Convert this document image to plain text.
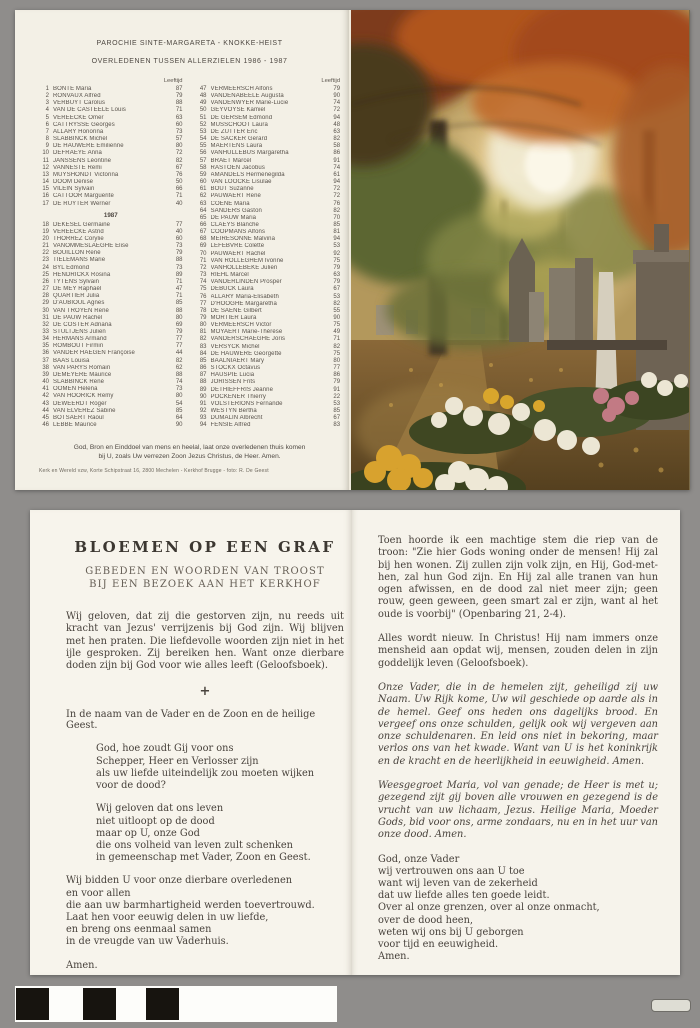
PAROCHIE SINTE-MARGARETA - KNOKKE-HEIST
OVERLEDENEN TUSSEN ALLERZIELEN 1986 - 1987
Leeftijd
1 BONTE Maria	87
2 RONVAUX Alfred	79
3 VERBUYT Carolus	88
4 VAN DE CASTEELE Louis	71
5 VEREECKE Omer	63
6 CATTRYSSE Georges	60
7 ALLARY Honorina	73
8 SLABBINCK Michel	57
9 DE HAUWERE Emilienne	80
10 DEFRAEYE Anna	72
11 JANSSENS Léontine	82
12 VANNESTE Remi	67
13 MUYSHONDT Victorina	76
14 DOOM Denise	50
15 VILEIN Sylvain	66
16 CATTOOR Marguerite	71
17 DE RUYTER Werner	40
1987
18 DEKESEL Germaine	77
19 VEREECKE Astrid	40
20 THORREZ Corylie	60
21 VANOMMESLAEGHE Elise	73
22 BOUILLON René	79
23 TIELEMANS Marie	88
24 BYL Edmond	73
25 HENDRICKX Rosina	89
26 TYTENS Sylvain	71
27 DE MEY Raphaël	47
28 QUARTIER Julia	71
29 D'AUBIOUL Agnes	85
30 VAN TROYEN René	88
31 DE PAUW Rachel	80
32 DE COSTER Adriana	69
33 STULTJENS Julien	79
34 HERMANS Armand	77
35 ROMBOUT Firmin	77
36 VANDER HAEGEN Françoise	44
37 BAAS Louisa	82
38 VAN PARYS Romain	62
39 DEMEYERE Maurice	88
40 SLABBINCK René	74
41 OOMEN Helena	73
42 VAN HOORICK Remy	80
43 DEWEERDT Roger	54
44 VAN ELVEREZ Sabine	85
45 BOTSAERT Raoul	64
46 LEBBE Maurice	90
Leeftijd
47 VERMEERSCH Alfons	79
48 VANDENABEELE Augusta	90
49 VANDENWYER Marie-Lucie	74
50 GEYVOYSE Kamiel	72
51 DE GERSEM Edmond	94
52 MUSSCHOOT Laura	48
53 DE ZUTTER Eric	63
54 DE SACKER Gerard	82
55 MAERTENS Laura	58
56 VANHULLEBUS Margaretha	86
57 BRAET Marcel	91
58 RASTOEN Jacobus	74
59 AMANDELS Hermenegilda	61
60 VAN LOOCKE Lisulae	94
61 BOUT Suzanne	72
62 PAUWAERT René	72
63 COENE Maria	76
64 SANDERS Gaston	82
65 DE PAUW Maria	70
66 CLAEYS Blanche	85
67 COOPMANS Alfons	81
68 MEIRESONNE Malvina	94
69 LEFEBVRE Colette	53
70 PAUWAERT Rachel	92
71 VAN ROLLEGHEM Ivonne	75
72 VANHOLLEBEKE Julien	79
73 RIEHL Marcel	63
74 VANDERLINDEN Prosper	79
75 DEBUCK Laura	67
76 ALLARY Maria-Elisabeth	53
77 D'HOOGHE Margaretha	82
78 DE SAENE Gilbert	55
79 MORTIER Laura	90
80 VERMEERSCH Victor	75
81 MOYAERT Marie-Thérèse	49
82 VANDERSCHAEGHE Joris	71
83 VERSYCK Michel	82
84 DE HAUWERE Georgette	75
85 BAALNIAERT Mary	80
86 STOCKX Octavus	77
87 HAUSPIE Lucia	86
88 JORISSEN Frits	79
89 DETHIEFFRIS Jeanne	91
90 POCKENER Thierry	22
91 VOLSTERIONS Fernande	53
92 WESTYN Bertha	85
93 DUMALIN Albrecht	67
94 FENSIE Alfred	83
God, Bron en Einddoel van mens en heelal, laat onze overledenen thuis komen
bij U, zoals Uw verrezen Zoon Jezus Christus, de Heer. Amen.
Kerk en Wereld vzw, Korte Schipstraat 16, 2800 Mechelen - Kerkhof Brugge - foto: R. De Geest
BLOEMEN OP EEN GRAF
GEBEDEN EN WOORDEN VAN TROOST
BIJ EEN BEZOEK AAN HET KERKHOF

Wij geloven, dat zij die gestorven zijn, nu reeds uit kracht van Jezus' verrijzenis bij God zijn. Wij blijven met hen praten. Die liefdevolle woorden zijn niet in het ijle gesproken. Zij bereiken hen. Want onze dierbare doden zijn bij God voor wie alles leeft (Geloofsboek).

+
In de naam van de Vader en de Zoon en de heilige Geest.
God, hoe zoudt Gij voor ons
Schepper, Heer en Verlosser zijn
als uw liefde uiteindelijk zou moeten wijken
voor de dood?
Wij geloven dat ons leven
niet uitloopt op de dood
maar op U, onze God
die ons volheid van leven zult schenken
in gemeenschap met Vader, Zoon en Geest.
Wij bidden U voor onze dierbare overledenen
en voor allen
die aan uw barmhartigheid werden toevertrouwd.
Laat hen voor eeuwig delen in uw liefde,
en breng ons eenmaal samen
in de vreugde van uw Vaderhuis.
Amen.

Toen hoorde ik een machtige stem die riep van de troon: "Zie hier Gods woning onder de mensen! Hij zal bij hen wonen. Zij zullen zijn volk zijn, en Hij, God-met-hen, zal hun God zijn. En Hij zal alle tranen van hun ogen afwissen, en de dood zal niet meer zijn; geen rouw, geen geween, geen smart zal er zijn, want al het oude is voorbij" (Openbaring 21, 2-4).

Alles wordt nieuw. In Christus! Hij nam immers onze mensheid aan opdat wij, mensen, zouden delen in zijn goddelijk leven (Geloofsboek).

Onze Vader, die in de hemelen zijt, geheiligd zij uw Naam. Uw Rijk kome, Uw wil geschiede op aarde als in de hemel. Geef ons heden ons dagelijks brood. En vergeef ons onze schulden, gelijk ook wij vergeven aan onze schuldenaren. En leid ons niet in bekoring, maar verlos ons van het kwade. Want van U is het koninkrijk en de kracht en de heerlijkheid in eeuwigheid. Amen.

Weesgegroet Maria, vol van genade; de Heer is met u; gezegend zijt gij boven alle vrouwen en gezegend is de vrucht van uw lichaam, Jezus. Heilige Maria, Moeder Gods, bid voor ons, arme zondaars, nu en in het uur van onze dood. Amen.

God, onze Vader
wij vertrouwen ons aan U toe
want wij leven van de zekerheid
dat uw liefde alles ten goede leidt.
Over al onze grenzen, over al onze onmacht,
over de dood heen,
weten wij ons bij U geborgen
voor tijd en eeuwigheid.
Amen.
